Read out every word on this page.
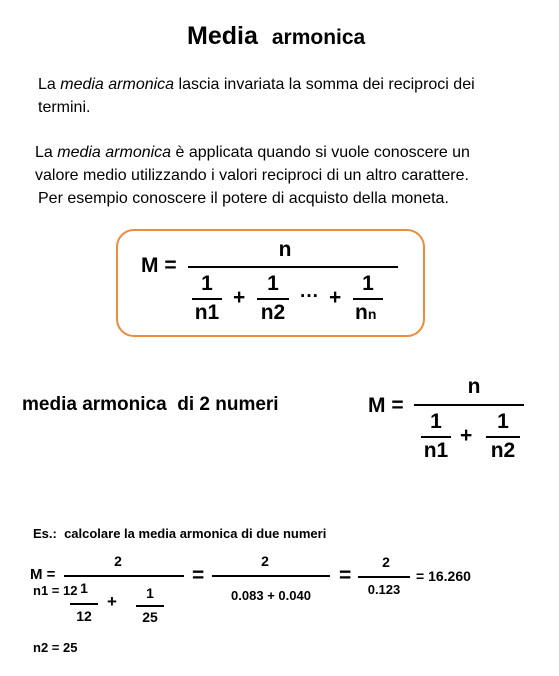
Media armonica
La media armonica lascia invariata la somma dei reciproci dei
termini.
La media armonica è applicata quando si vuole conoscere un
valore medio utilizzando i valori reciproci di un altro carattere.
Per esempio conoscere il potere di acquisto della moneta.
M =
n
1
n1
+
1
n2
··· +
1
nn
media armonica  di 2 numeri	M =
n
1
n1
+
1
n2

Es.:  calcolare la media armonica di due numeri

n1 = 12

n2 = 25

M =
2
1
12
+	1
25
=
2
0.083 + 0.040
=
2
0.123
= 16.260
